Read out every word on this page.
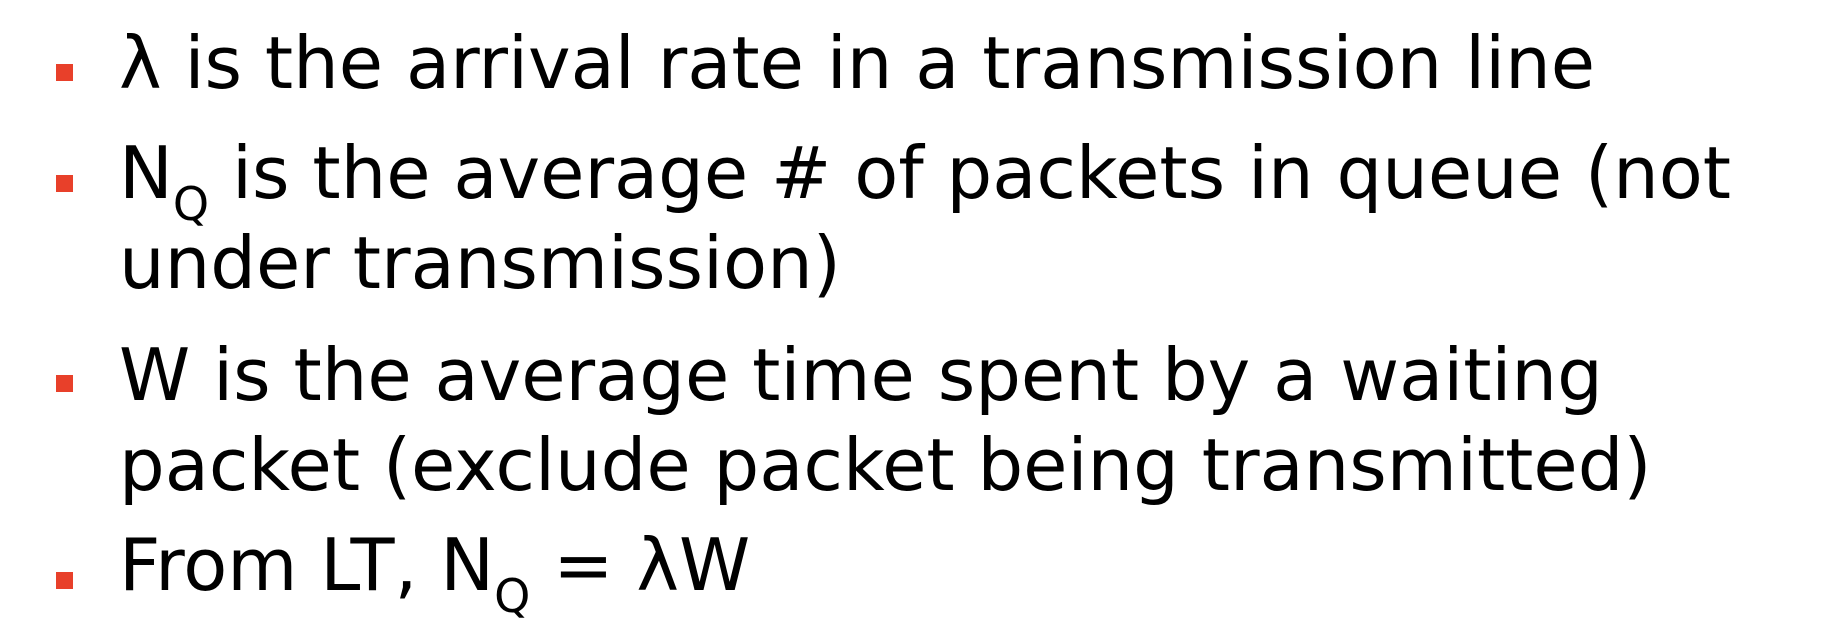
λ is the arrival rate in a transmission line
$N_Q$ is the average # of packets in queue (not
under transmission)
W is the average time spent by a waiting
packet (exclude packet being transmitted)
From LT, $N_Q = \lambda W$
